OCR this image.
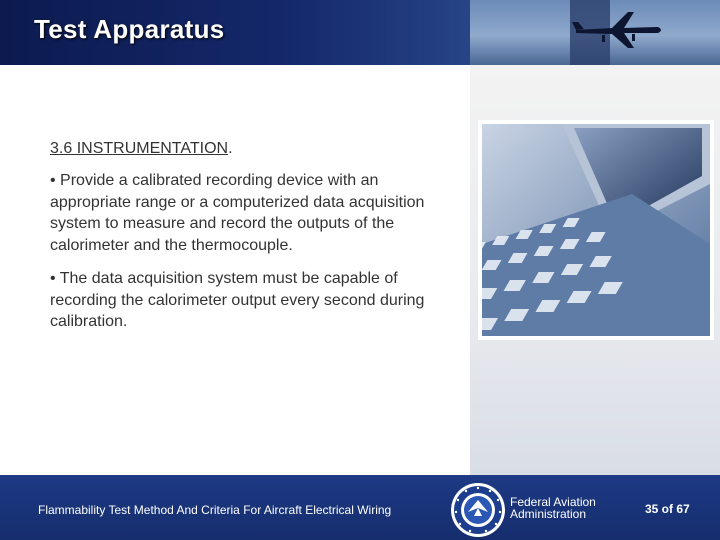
Test Apparatus
3.6 INSTRUMENTATION.
• Provide a calibrated recording device with an appropriate range or a computerized data acquisition system to measure and record the outputs of the calorimeter and the thermocouple.
• The data acquisition system must be capable of recording the calorimeter output every second during calibration.
Flammability Test Method And Criteria For Aircraft Electrical Wiring
Federal Aviation
Administration	35 of 67
